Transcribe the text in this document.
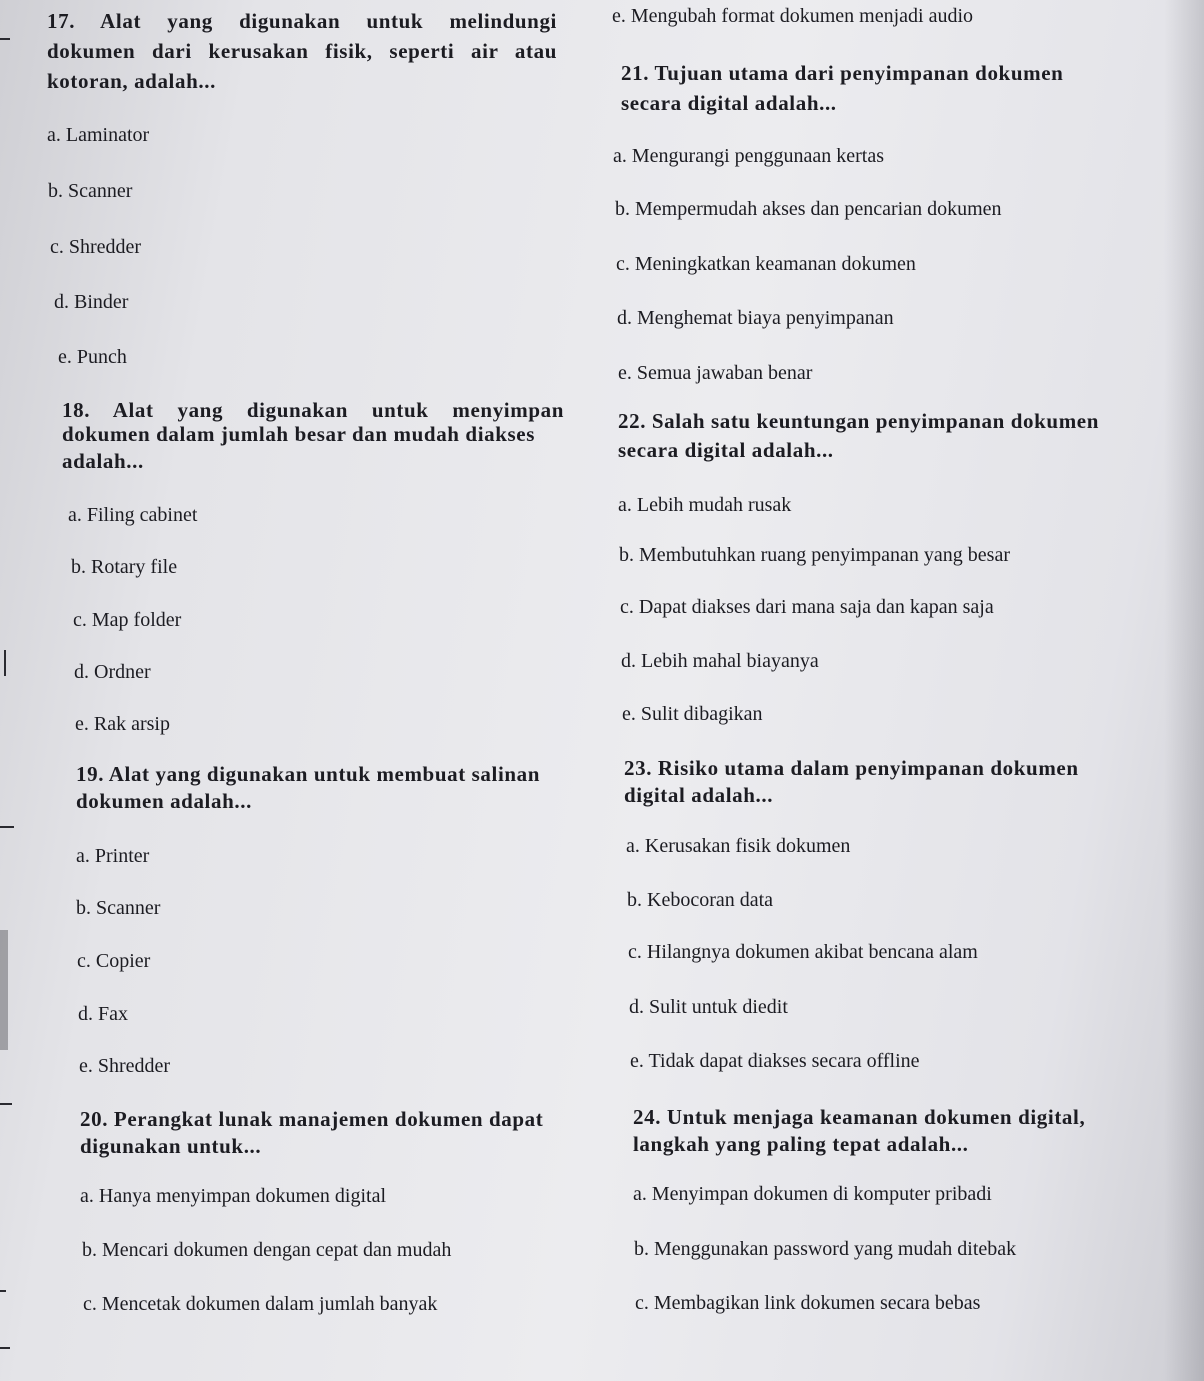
17. Alat yang digunakan untuk melindungi
dokumen dari kerusakan fisik, seperti air atau
kotoran, adalah...
a. Laminator
b. Scanner
c. Shredder
d. Binder
e. Punch
18. Alat yang digunakan untuk menyimpan
dokumen dalam jumlah besar dan mudah diakses
adalah...
a. Filing cabinet
b. Rotary file
c. Map folder
d. Ordner
e. Rak arsip
19. Alat yang digunakan untuk membuat salinan
dokumen adalah...
a. Printer
b. Scanner
c. Copier
d. Fax
e. Shredder
20. Perangkat lunak manajemen dokumen dapat
digunakan untuk...
a. Hanya menyimpan dokumen digital
b. Mencari dokumen dengan cepat dan mudah
c. Mencetak dokumen dalam jumlah banyak
e. Mengubah format dokumen menjadi audio
21. Tujuan utama dari penyimpanan dokumen
secara digital adalah...
a. Mengurangi penggunaan kertas
b. Mempermudah akses dan pencarian dokumen
c. Meningkatkan keamanan dokumen
d. Menghemat biaya penyimpanan
e. Semua jawaban benar
22. Salah satu keuntungan penyimpanan dokumen
secara digital adalah...
a. Lebih mudah rusak
b. Membutuhkan ruang penyimpanan yang besar
c. Dapat diakses dari mana saja dan kapan saja
d. Lebih mahal biayanya
e. Sulit dibagikan
23. Risiko utama dalam penyimpanan dokumen
digital adalah...
a. Kerusakan fisik dokumen
b. Kebocoran data
c. Hilangnya dokumen akibat bencana alam
d. Sulit untuk diedit
e. Tidak dapat diakses secara offline
24. Untuk menjaga keamanan dokumen digital,
langkah yang paling tepat adalah...
a. Menyimpan dokumen di komputer pribadi
b. Menggunakan password yang mudah ditebak
c. Membagikan link dokumen secara bebas
